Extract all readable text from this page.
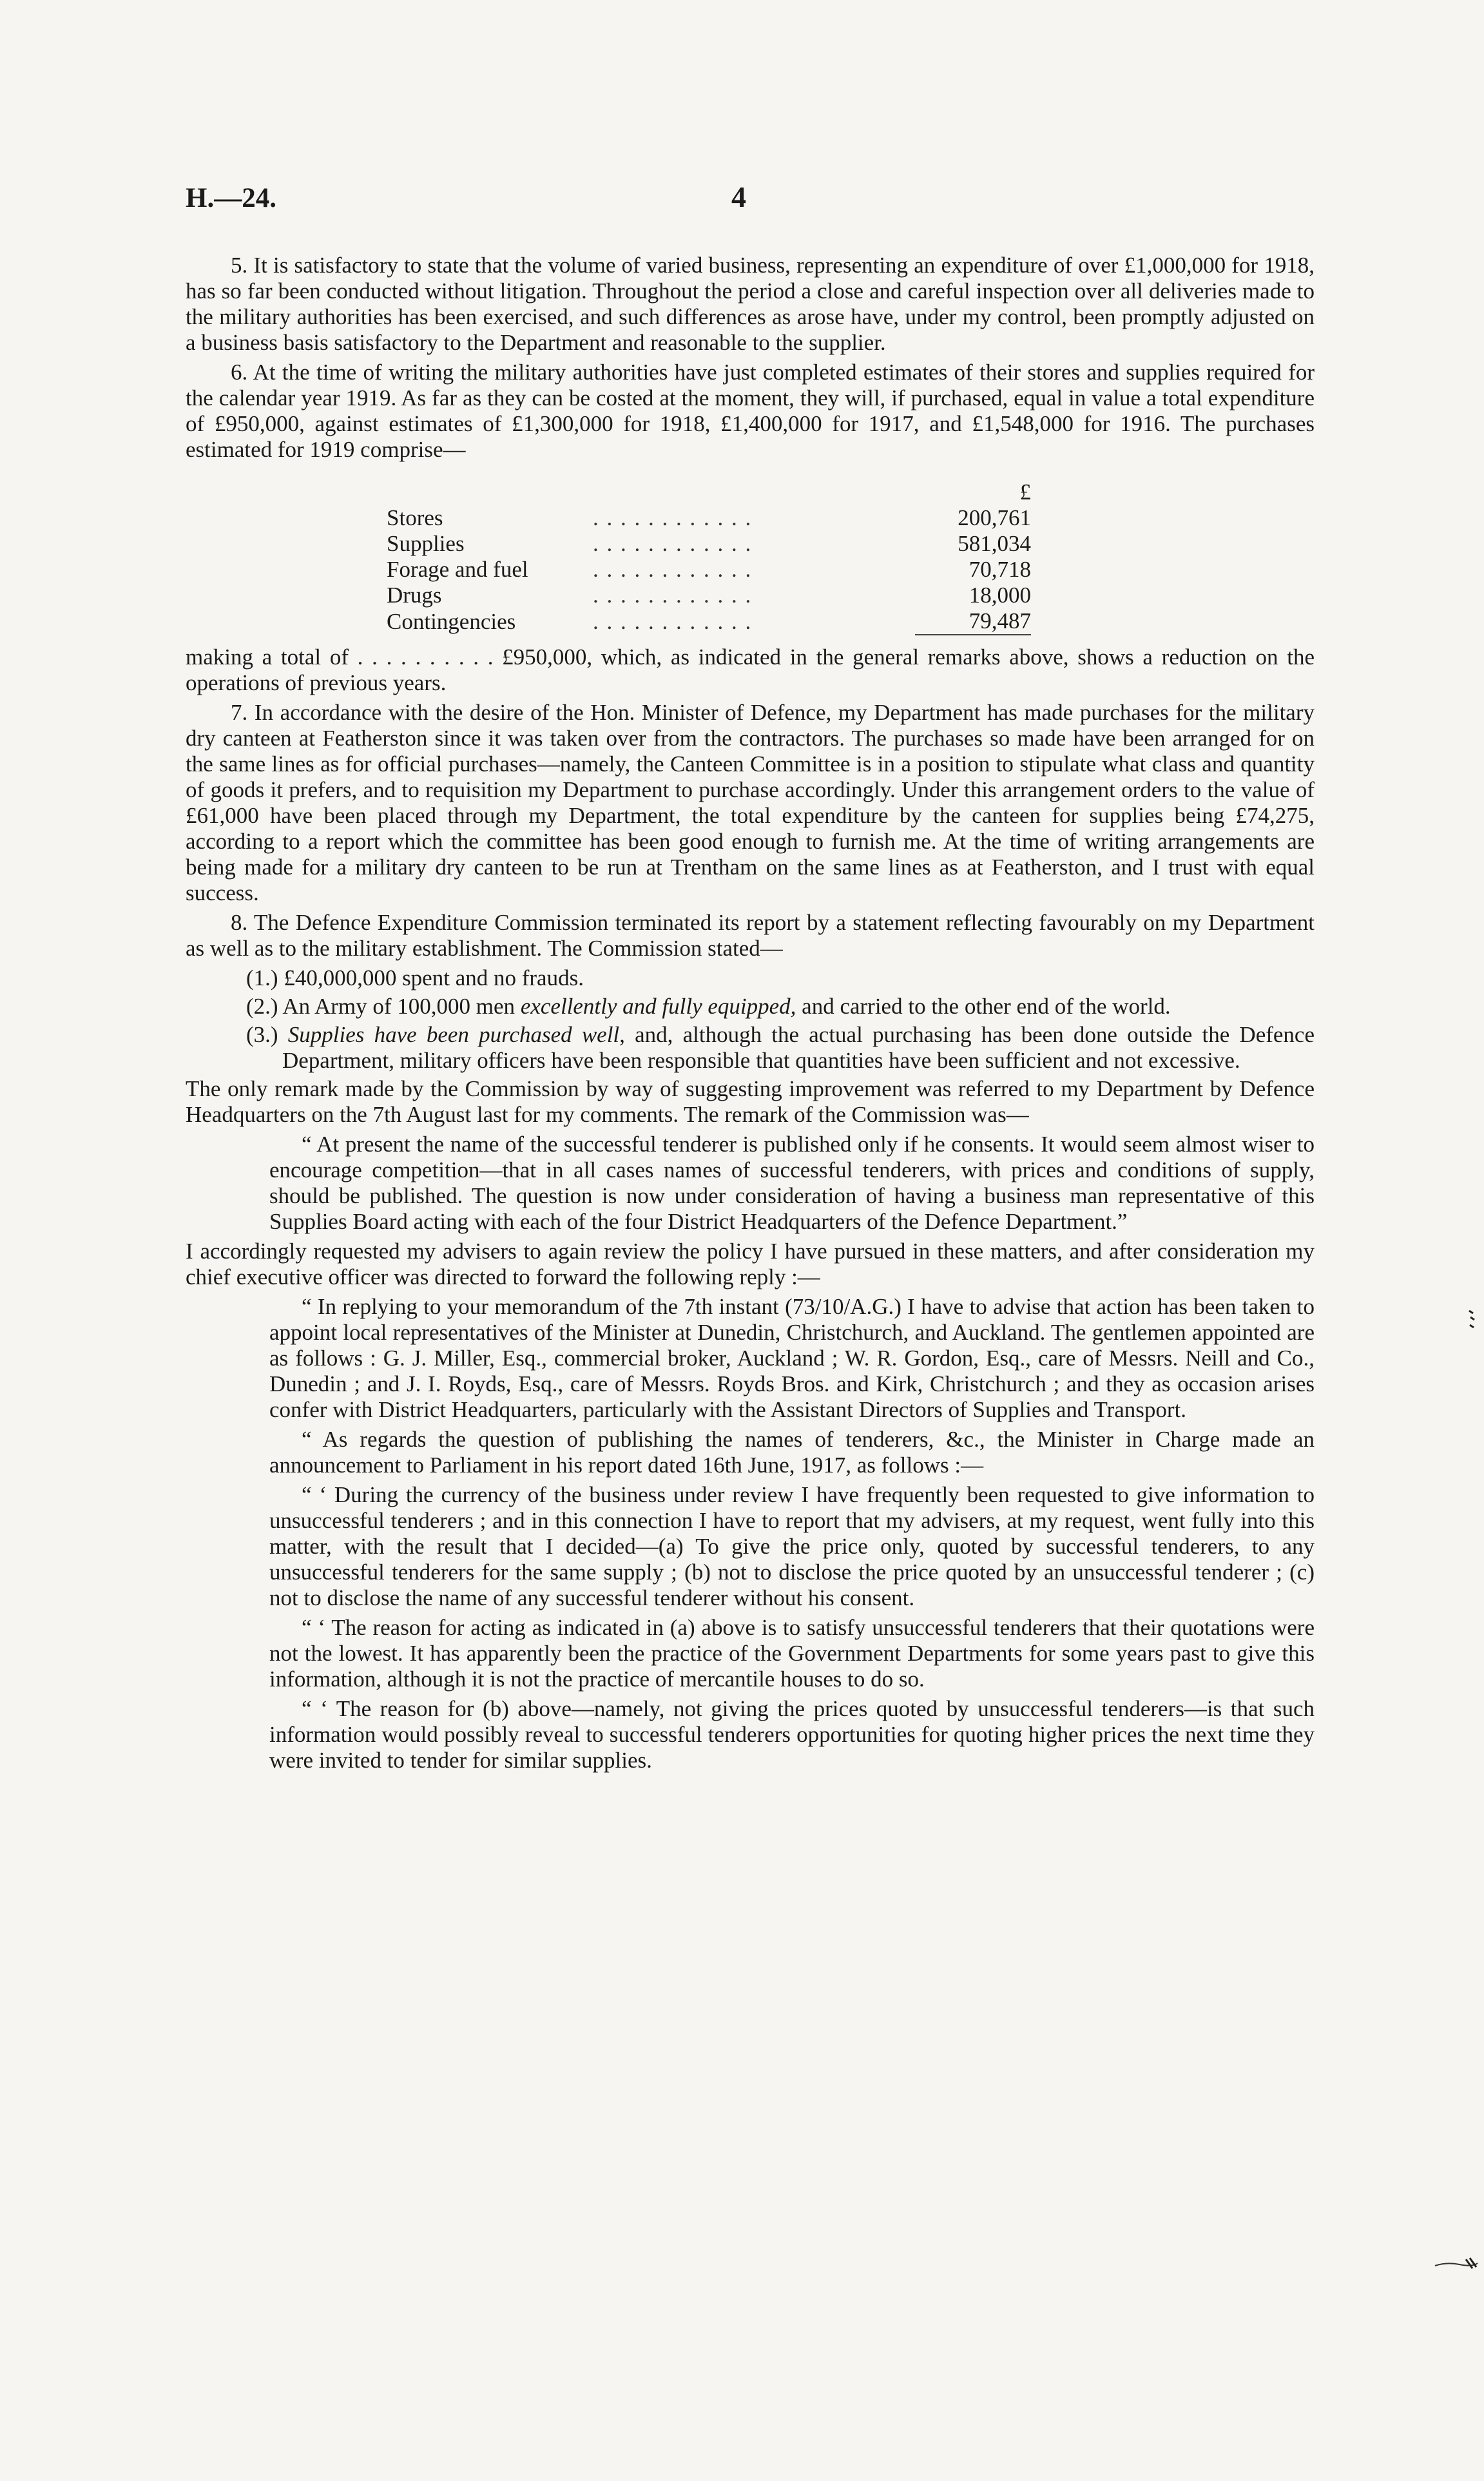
H.—24.	4

5. It is satisfactory to state that the volume of varied business, representing an expenditure of over £1,000,000 for 1918, has so far been conducted without litigation. Throughout the period a close and careful inspection over all deliveries made to the military authorities has been exercised, and such differences as arose have, under my control, been promptly adjusted on a business basis satisfactory to the Department and reasonable to the supplier.

6. At the time of writing the military authorities have just completed estimates of their stores and supplies required for the calendar year 1919. As far as they can be costed at the moment, they will, if purchased, equal in value a total expenditure of £950,000, against estimates of £1,300,000 for 1918, £1,400,000 for 1917, and £1,548,000 for 1916. The purchases estimated for 1919 comprise—

		£
Stores	. . . . . . . . . . . .	200,761
Supplies	. . . . . . . . . . . .	581,034
Forage and fuel	. . . . . . . . . . . .	70,718
Drugs	. . . . . . . . . . . .	18,000
Contingencies	. . . . . . . . . . . .	79,487

making a total of . . . . . . . . . . £950,000, which, as indicated in the general remarks above, shows a reduction on the operations of previous years.

7. In accordance with the desire of the Hon. Minister of Defence, my Department has made purchases for the military dry canteen at Featherston since it was taken over from the contractors. The purchases so made have been arranged for on the same lines as for official purchases—namely, the Canteen Committee is in a position to stipulate what class and quantity of goods it prefers, and to requisition my Department to purchase accordingly. Under this arrangement orders to the value of £61,000 have been placed through my Department, the total expenditure by the canteen for supplies being £74,275, according to a report which the committee has been good enough to furnish me. At the time of writing arrangements are being made for a military dry canteen to be run at Trentham on the same lines as at Featherston, and I trust with equal success.

8. The Defence Expenditure Commission terminated its report by a statement reflecting favourably on my Department as well as to the military establishment. The Commission stated—

(1.) £40,000,000 spent and no frauds.
(2.) An Army of 100,000 men excellently and fully equipped, and carried to the other end of the world.
(3.) Supplies have been purchased well, and, although the actual purchasing has been done outside the Defence Department, military officers have been responsible that quantities have been sufficient and not excessive.

The only remark made by the Commission by way of suggesting improvement was referred to my Department by Defence Headquarters on the 7th August last for my comments. The remark of the Commission was—

“ At present the name of the successful tenderer is published only if he consents. It would seem almost wiser to encourage competition—that in all cases names of successful tenderers, with prices and conditions of supply, should be published. The question is now under consideration of having a business man representative of this Supplies Board acting with each of the four District Headquarters of the Defence Department.”

I accordingly requested my advisers to again review the policy I have pursued in these matters, and after consideration my chief executive officer was directed to forward the following reply :—

“ In replying to your memorandum of the 7th instant (73/10/A.G.) I have to advise that action has been taken to appoint local representatives of the Minister at Dunedin, Christchurch, and Auckland. The gentlemen appointed are as follows : G. J. Miller, Esq., commercial broker, Auckland ; W. R. Gordon, Esq., care of Messrs. Neill and Co., Dunedin ; and J. I. Royds, Esq., care of Messrs. Royds Bros. and Kirk, Christchurch ; and they as occasion arises confer with District Headquarters, particularly with the Assistant Directors of Supplies and Transport.

“ As regards the question of publishing the names of tenderers, &c., the Minister in Charge made an announcement to Parliament in his report dated 16th June, 1917, as follows :—

“ ‘ During the currency of the business under review I have frequently been requested to give information to unsuccessful tenderers ; and in this connection I have to report that my advisers, at my request, went fully into this matter, with the result that I decided—(a) To give the price only, quoted by successful tenderers, to any unsuccessful tenderers for the same supply ; (b) not to disclose the price quoted by an unsuccessful tenderer ; (c) not to disclose the name of any successful tenderer without his consent.

“ ‘ The reason for acting as indicated in (a) above is to satisfy unsuccessful tenderers that their quotations were not the lowest. It has apparently been the practice of the Government Departments for some years past to give this information, although it is not the practice of mercantile houses to do so.

“ ‘ The reason for (b) above—namely, not giving the prices quoted by unsuccessful tenderers—is that such information would possibly reveal to successful tenderers opportunities for quoting higher prices the next time they were invited to tender for similar supplies.
